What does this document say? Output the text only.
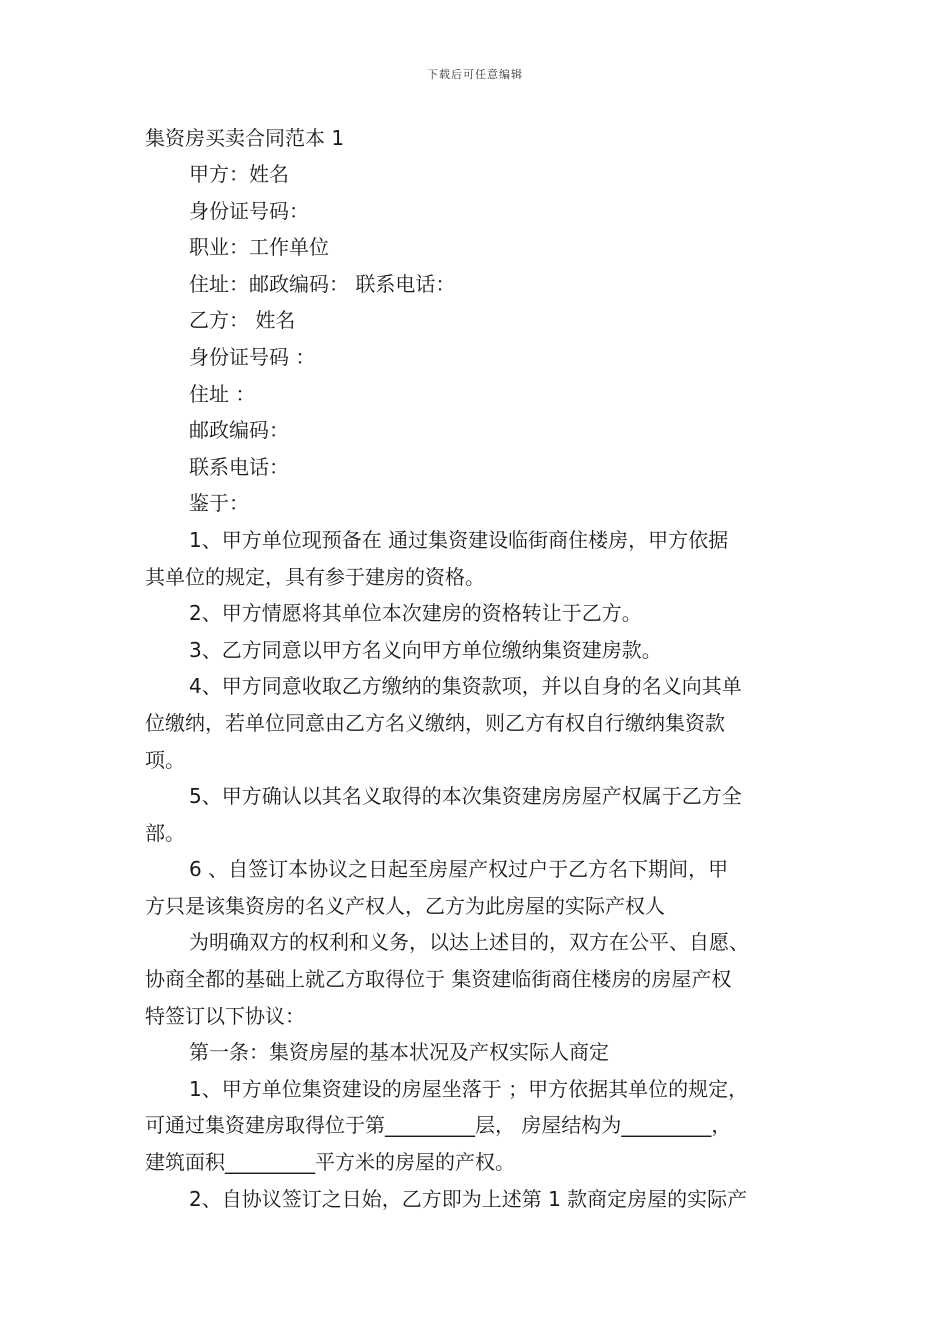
下载后可任意编辑
集资房买卖合同范本 1
甲方：姓名
身份证号码：
职业：工作单位
住址：邮政编码： 联系电话：
乙方： 姓名
身份证号码 ：
住址 ：
邮政编码：
联系电话：
鉴于：
1、甲方单位现预备在 通过集资建设临街商住楼房，甲方依据
其单位的规定，具有参于建房的资格。
2、甲方情愿将其单位本次建房的资格转让于乙方。
3、乙方同意以甲方名义向甲方单位缴纳集资建房款。
4、甲方同意收取乙方缴纳的集资款项，并以自身的名义向其单
位缴纳，若单位同意由乙方名义缴纳，则乙方有权自行缴纳集资款
项。
5、甲方确认以其名义取得的本次集资建房房屋产权属于乙方全
部。
6 、自签订本协议之日起至房屋产权过户于乙方名下期间，甲
方只是该集资房的名义产权人，乙方为此房屋的实际产权人
为明确双方的权利和义务，以达上述目的，双方在公平、自愿、
协商全都的基础上就乙方取得位于 集资建临街商住楼房的房屋产权
特签订以下协议：
第一条：集资房屋的基本状况及产权实际人商定
1、甲方单位集资建设的房屋坐落于 ；甲方依据其单位的规定，
可通过集资建房取得位于第_________层， 房屋结构为_________，
建筑面积_________平方米的房屋的产权。
2、自协议签订之日始，乙方即为上述第 1 款商定房屋的实际产
